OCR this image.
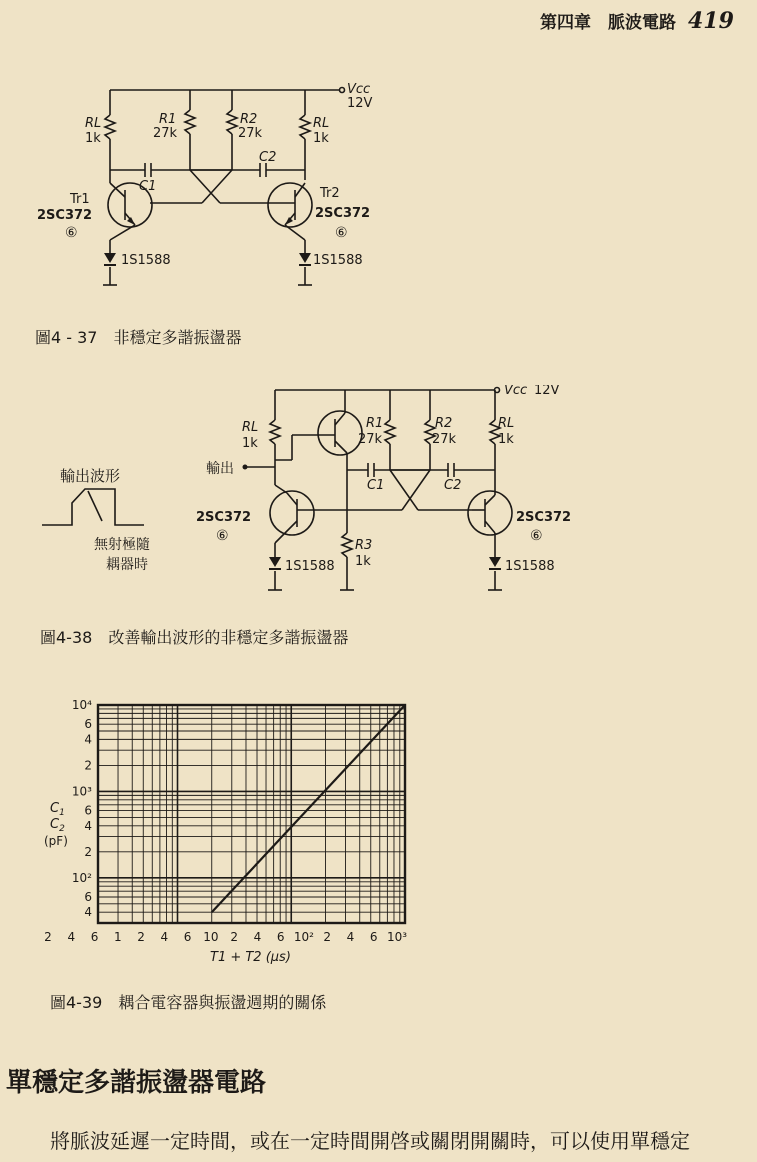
第四章　脈波電路 419
Vcc
12V
RL
1k
R1
27k
R2
27k
RL
1k
C1
C2
Tr1
2SC372
⑥
Tr2
2SC372
⑥
1S1588	1S1588
圖4 - 37　非穩定多諧振盪器
輸出波形
無射極隨
耦器時
Vcc 12V
RL
1k
輸出
R1
27k
R2
27k
RL
1k
C1	C2
R3
1k
2SC372
⑥
2SC372
⑥
1S1588	1S1588
圖4-38　改善輸出波形的非穩定多諧振盪器
10⁴
6
4
2
10³
6
4
2
10²
6
4
2 4 6 1 2 4 6 10 2 4 6 10² 2 4 6 10³
$C_1$
$C_2$
(pF)
T1 + T2 (μs)
圖4-39　耦合電容器與振盪週期的關係
單穩定多諧振盪器電路
將脈波延遲一定時間，或在一定時間開啓或關閉開關時，可以使用單穩定
